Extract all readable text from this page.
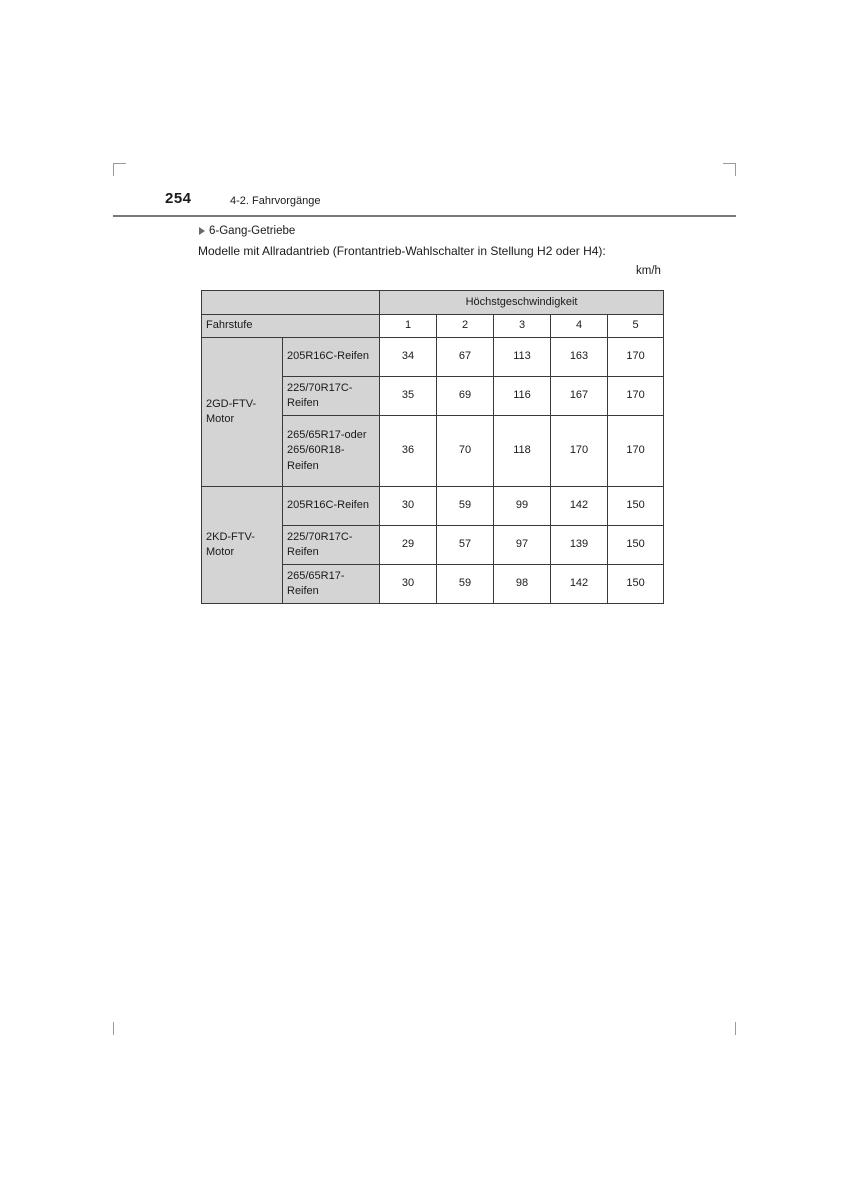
254	4-2. Fahrvorgänge
6-Gang-Getriebe
Modelle mit Allradantrieb (Frontantrieb-Wahlschalter in Stellung H2 oder H4):
km/h
		Höchstgeschwindigkeit				
Fahrstufe		1	2	3	4	5
2GD-FTV-Motor	205R16C-Reifen	34	67	113	163	170
	225/70R17C-Reifen	35	69	116	167	170
	265/65R17-oder 265/60R18-Reifen	36	70	118	170	170
2KD-FTV-Motor	205R16C-Reifen	30	59	99	142	150
	225/70R17C-Reifen	29	57	97	139	150
	265/65R17-Reifen	30	59	98	142	150
